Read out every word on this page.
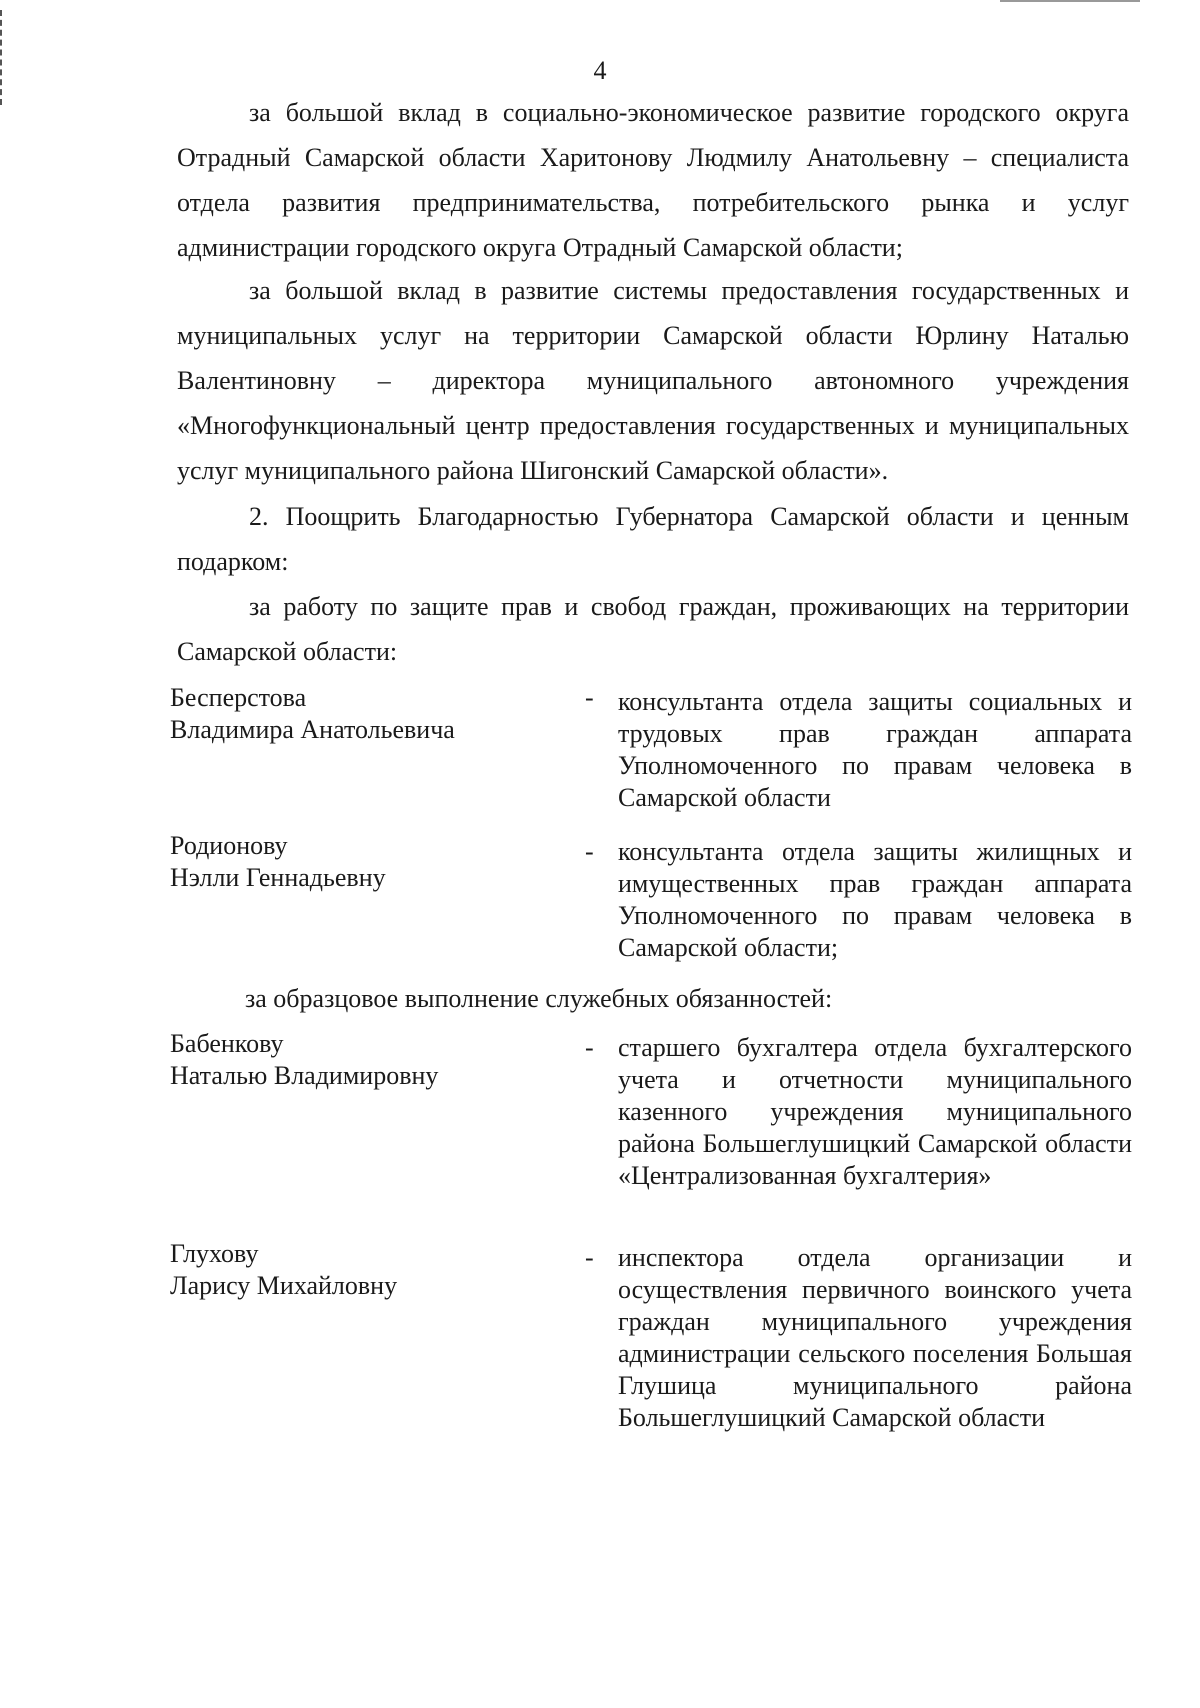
4
за большой вклад в социально-экономическое развитие городского округа Отрадный Самарской области Харитонову Людмилу Анатольевну – специалиста отдела развития предпринимательства, потребительского рынка и услуг администрации городского округа Отрадный Самарской области;
за большой вклад в развитие системы предоставления государственных и муниципальных услуг на территории Самарской области Юрлину Наталью Валентиновну – директора муниципального автономного учреждения «Многофункциональный центр предоставления государственных и муниципальных услуг муниципального района Шигонский Самарской области».
2. Поощрить Благодарностью Губернатора Самарской области и ценным подарком:
за работу по защите прав и свобод граждан, проживающих на территории Самарской области:
Бесперстова
Владимира Анатольевича
- консультанта отдела защиты социальных и трудовых прав граждан аппарата Уполномоченного по правам человека в Самарской области
Родионову
Нэлли Геннадьевну
- консультанта отдела защиты жилищных и имущественных прав граждан аппарата Уполномоченного по правам человека в Самарской области;
за образцовое выполнение служебных обязанностей:
Бабенкову
Наталью Владимировну
- старшего бухгалтера отдела бухгалтерского учета и отчетности муниципального казенного учреждения муниципального района Большеглушицкий Самарской области «Централизованная бухгалтерия»
Глухову
Ларису Михайловну
- инспектора отдела организации и осуществления первичного воинского учета граждан муниципального учреждения администрации сельского поселения Большая Глушица муниципального района Большеглушицкий Самарской области
